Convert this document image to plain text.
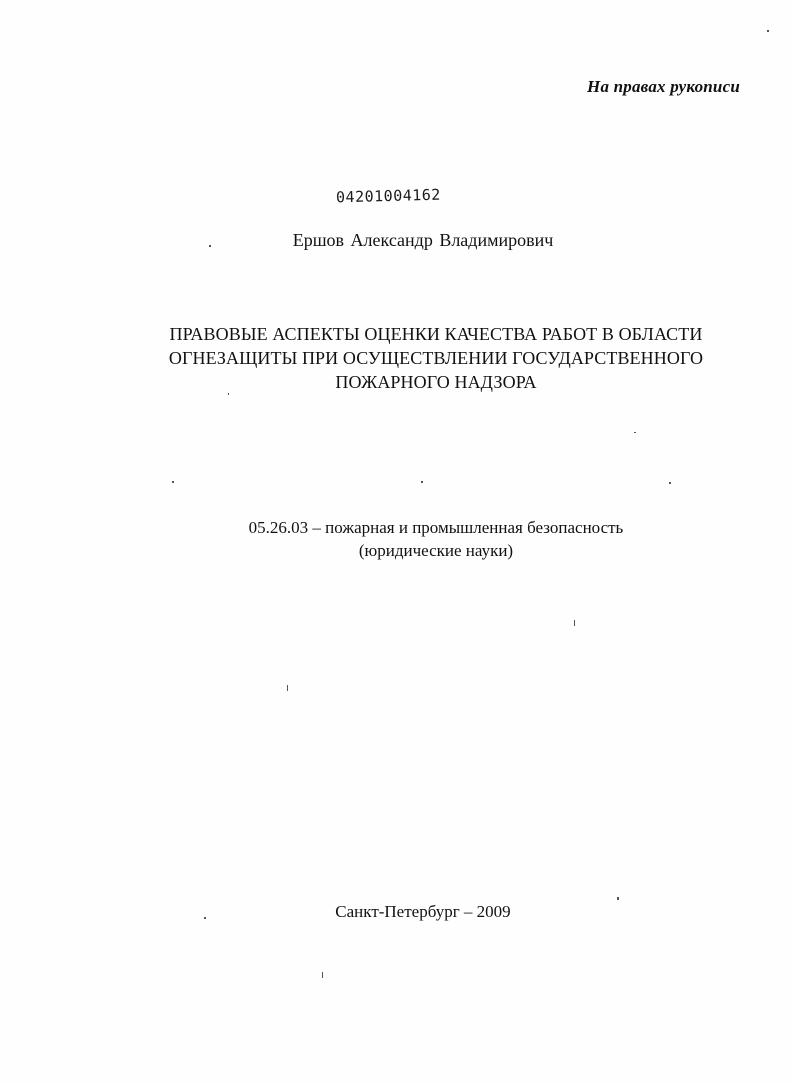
На правах рукописи
04201004162
Ершов Александр Владимирович
ПРАВОВЫЕ АСПЕКТЫ ОЦЕНКИ КАЧЕСТВА РАБОТ В ОБЛАСТИ
ОГНЕЗАЩИТЫ ПРИ ОСУЩЕСТВЛЕНИИ ГОСУДАРСТВЕННОГО
ПОЖАРНОГО НАДЗОРА
05.26.03 – пожарная и промышленная безопасность
(юридические науки)
Санкт-Петербург – 2009
